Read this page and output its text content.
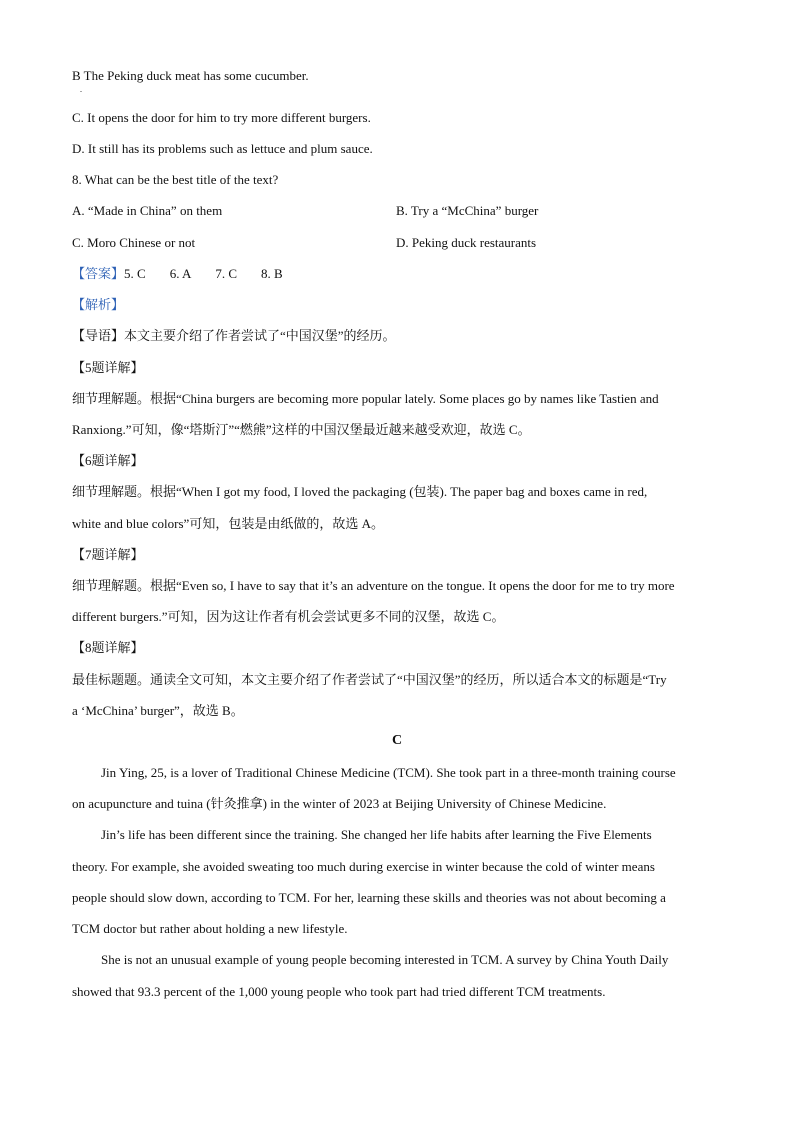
B The Peking duck meat has some cucumber.
.
C. It opens the door for him to try more different burgers.
D. It still has its problems such as lettuce and plum sauce.
8. What can be the best title of the text?
A. “Made in China” on them	B. Try a “McChina” burger
C. Moro Chinese or not	D. Peking duck restaurants
【答案】5. C 6. A 7. C 8. B
【解析】
【导语】本文主要介绍了作者尝试了“中国汉堡”的经历。
【5题详解】
细节理解题。根据“China burgers are becoming more popular lately. Some places go by names like Tastien and
Ranxiong.”可知，像“塔斯汀”“燃熊”这样的中国汉堡最近越来越受欢迎，故选 C。
【6题详解】
细节理解题。根据“When I got my food, I loved the packaging (包装). The paper bag and boxes came in red,
white and blue colors”可知，包装是由纸做的，故选 A。
【7题详解】
细节理解题。根据“Even so, I have to say that it’s an adventure on the tongue. It opens the door for me to try more
different burgers.”可知，因为这让作者有机会尝试更多不同的汉堡，故选 C。
【8题详解】
最佳标题题。通读全文可知，本文主要介绍了作者尝试了“中国汉堡”的经历，所以适合本文的标题是“Try
a ‘McChina’ burger”，故选 B。
C
Jin Ying, 25, is a lover of Traditional Chinese Medicine (TCM). She took part in a three-month training course
on acupuncture and tuina (针灸推拿) in the winter of 2023 at Beijing University of Chinese Medicine.
Jin’s life has been different since the training. She changed her life habits after learning the Five Elements
theory. For example, she avoided sweating too much during exercise in winter because the cold of winter means
people should slow down, according to TCM. For her, learning these skills and theories was not about becoming a
TCM doctor but rather about holding a new lifestyle.
She is not an unusual example of young people becoming interested in TCM. A survey by China Youth Daily
showed that 93.3 percent of the 1,000 young people who took part had tried different TCM treatments.
